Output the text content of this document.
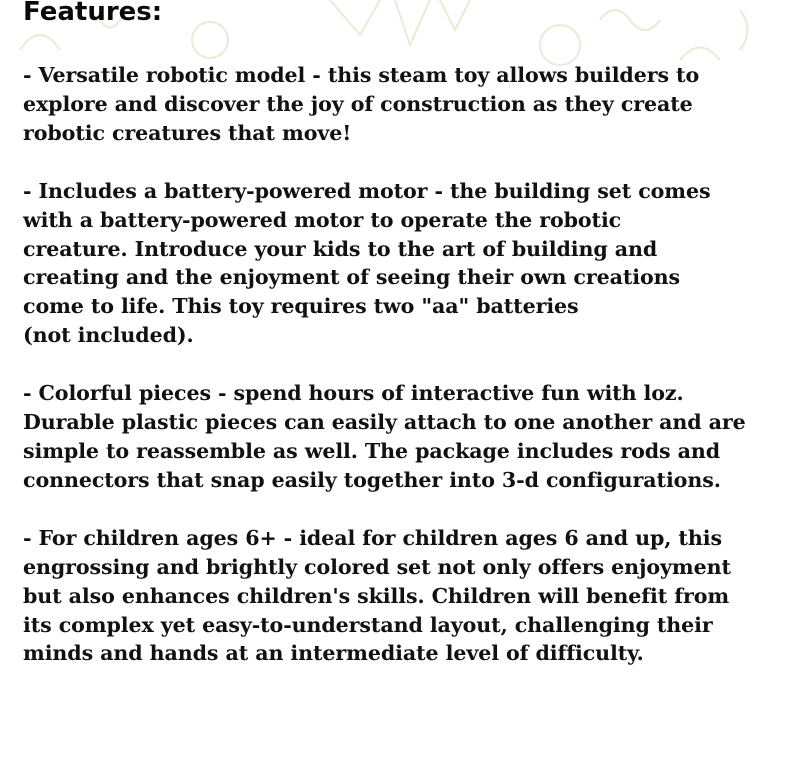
Features:
- Versatile robotic model - this steam toy allows builders to
explore and discover the joy of construction as they create
robotic creatures that move!
- Includes a battery-powered motor - the building set comes
with a battery-powered motor to operate the robotic
creature. Introduce your kids to the art of building and
creating and the enjoyment of seeing their own creations
come to life. This toy requires two "aa" batteries
(not included).
- Colorful pieces - spend hours of interactive fun with loz.
Durable plastic pieces can easily attach to one another and are
simple to reassemble as well. The package includes rods and
connectors that snap easily together into 3-d configurations.
- For children ages 6+ - ideal for children ages 6 and up, this
engrossing and brightly colored set not only offers enjoyment
but also enhances children's skills. Children will benefit from
its complex yet easy-to-understand layout, challenging their
minds and hands at an intermediate level of difficulty.
